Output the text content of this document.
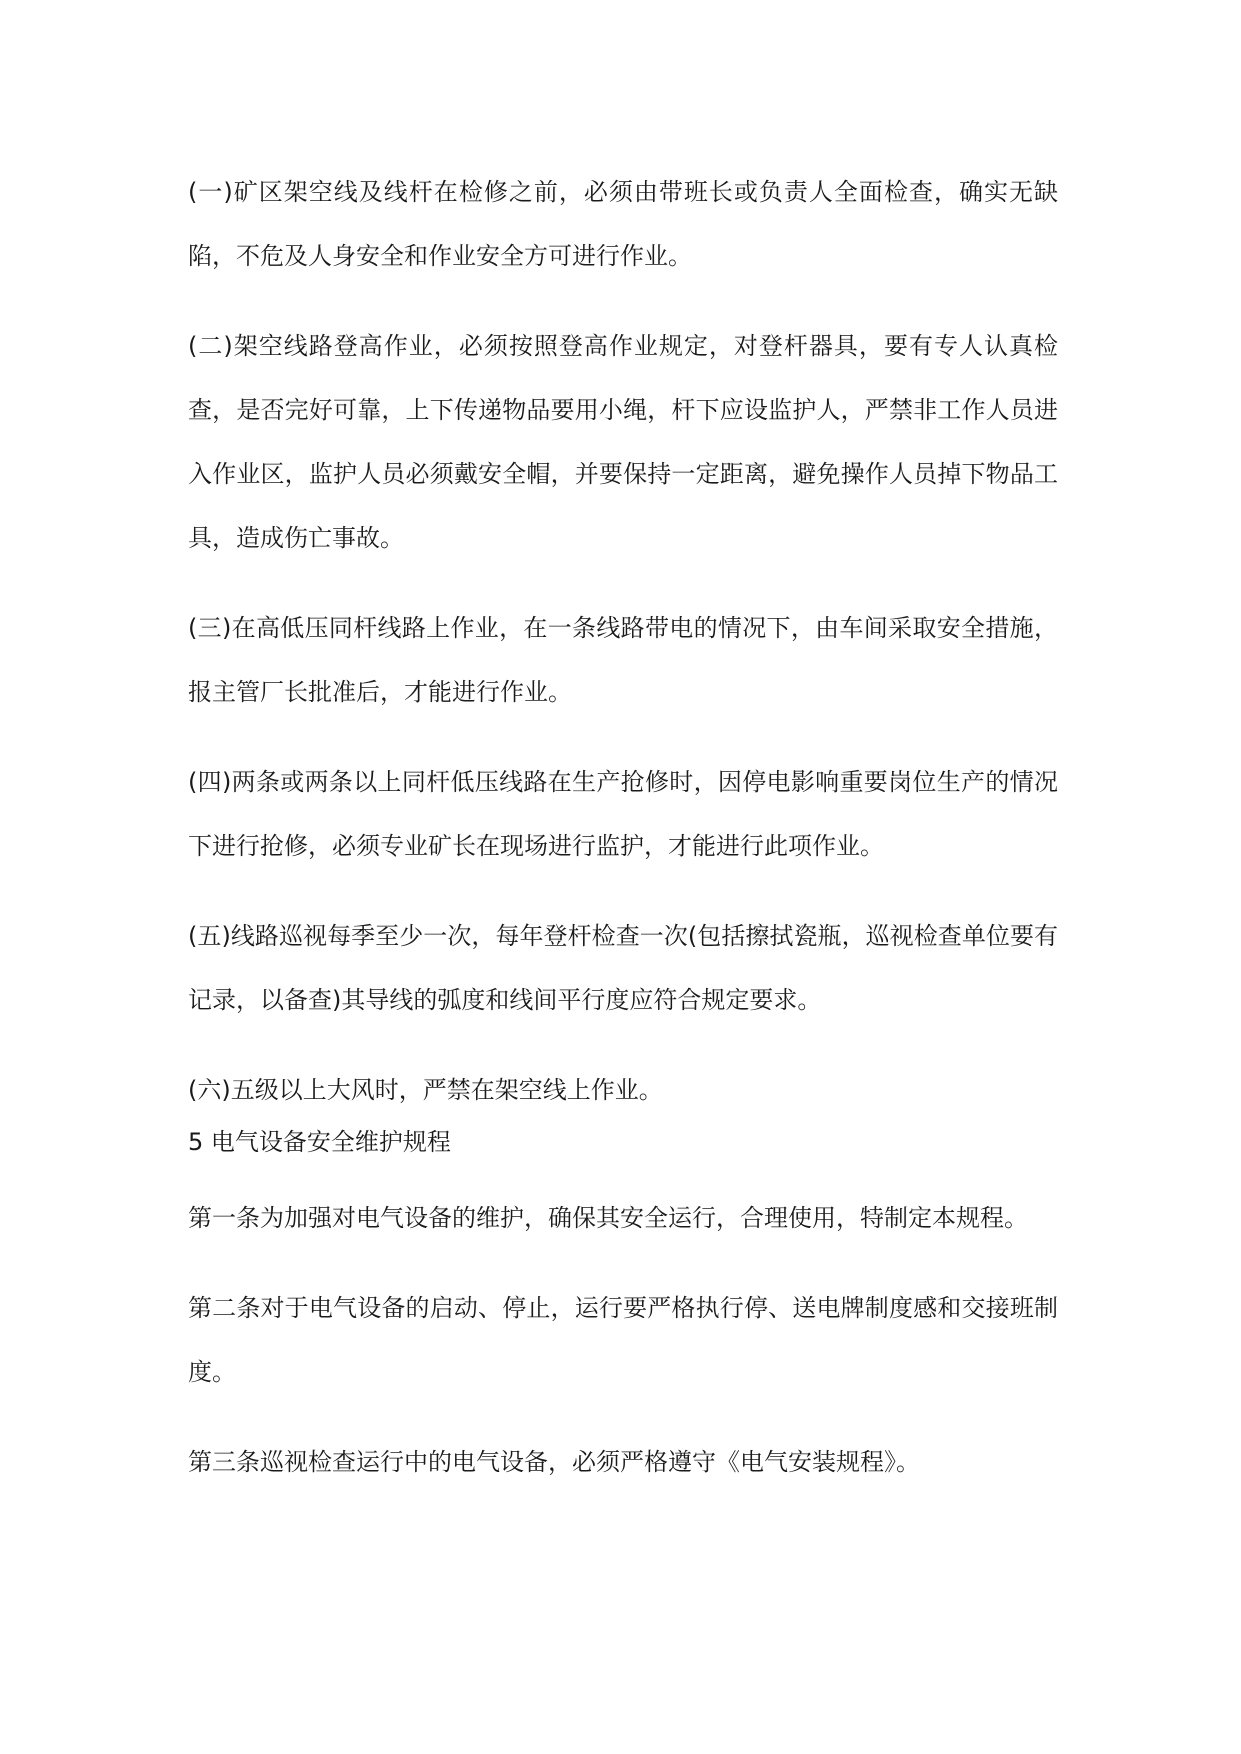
(一)矿区架空线及线杆在检修之前，必须由带班长或负责人全面检查，确实无缺陷，不危及人身安全和作业安全方可进行作业。

(二)架空线路登高作业，必须按照登高作业规定，对登杆器具，要有专人认真检查，是否完好可靠，上下传递物品要用小绳，杆下应设监护人，严禁非工作人员进入作业区，监护人员必须戴安全帽，并要保持一定距离，避免操作人员掉下物品工具，造成伤亡事故。

(三)在高低压同杆线路上作业，在一条线路带电的情况下，由车间采取安全措施，报主管厂长批准后，才能进行作业。

(四)两条或两条以上同杆低压线路在生产抢修时，因停电影响重要岗位生产的情况下进行抢修，必须专业矿长在现场进行监护，才能进行此项作业。

(五)线路巡视每季至少一次，每年登杆检查一次(包括擦拭瓷瓶，巡视检查单位要有记录，以备查)其导线的弧度和线间平行度应符合规定要求。

(六)五级以上大风时，严禁在架空线上作业。

5 电气设备安全维护规程

第一条为加强对电气设备的维护，确保其安全运行，合理使用，特制定本规程。

第二条对于电气设备的启动、停止，运行要严格执行停、送电牌制度感和交接班制度。

第三条巡视检查运行中的电气设备，必须严格遵守《电气安装规程》。
